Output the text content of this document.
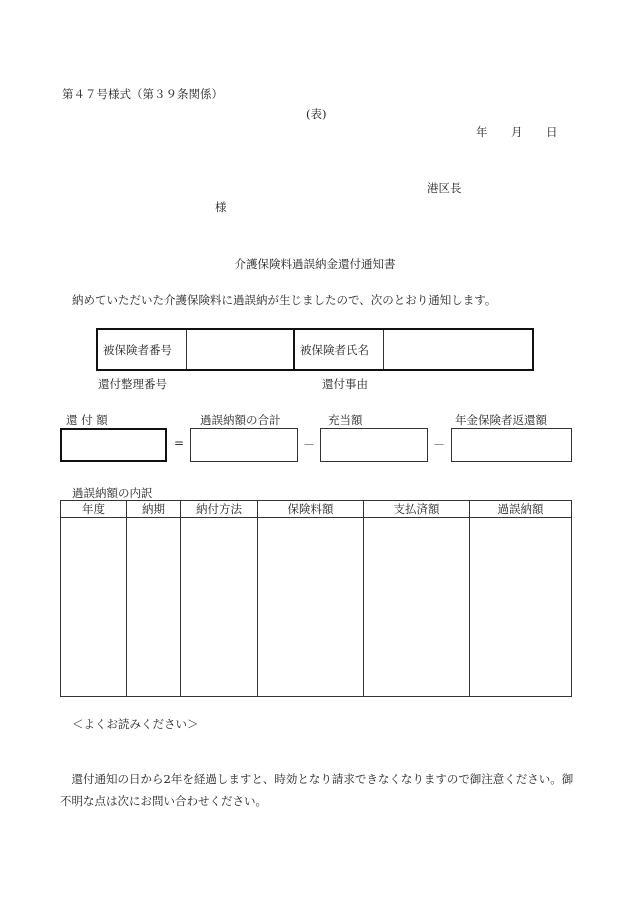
第４７号様式（第３９条関係）
(表)
年 月 日
港区長
様
介護保険料過誤納金還付通知書
納めていただいた介護保険料に過誤納が生じましたので、次のとおり通知します。
被保険者番号		被保険者氏名	
還付整理番号	還付事由
還 付 額	過誤納額の合計	充当額	年金保険者返還額
=	－	－
過誤納額の内訳
年度	納期	納付方法	保険料額	支払済額	過誤納額

＜よくお読みください＞
　還付通知の日から2年を経過しますと、時効となり請求できなくなりますので御注意ください。御不明な点は次にお問い合わせください。
